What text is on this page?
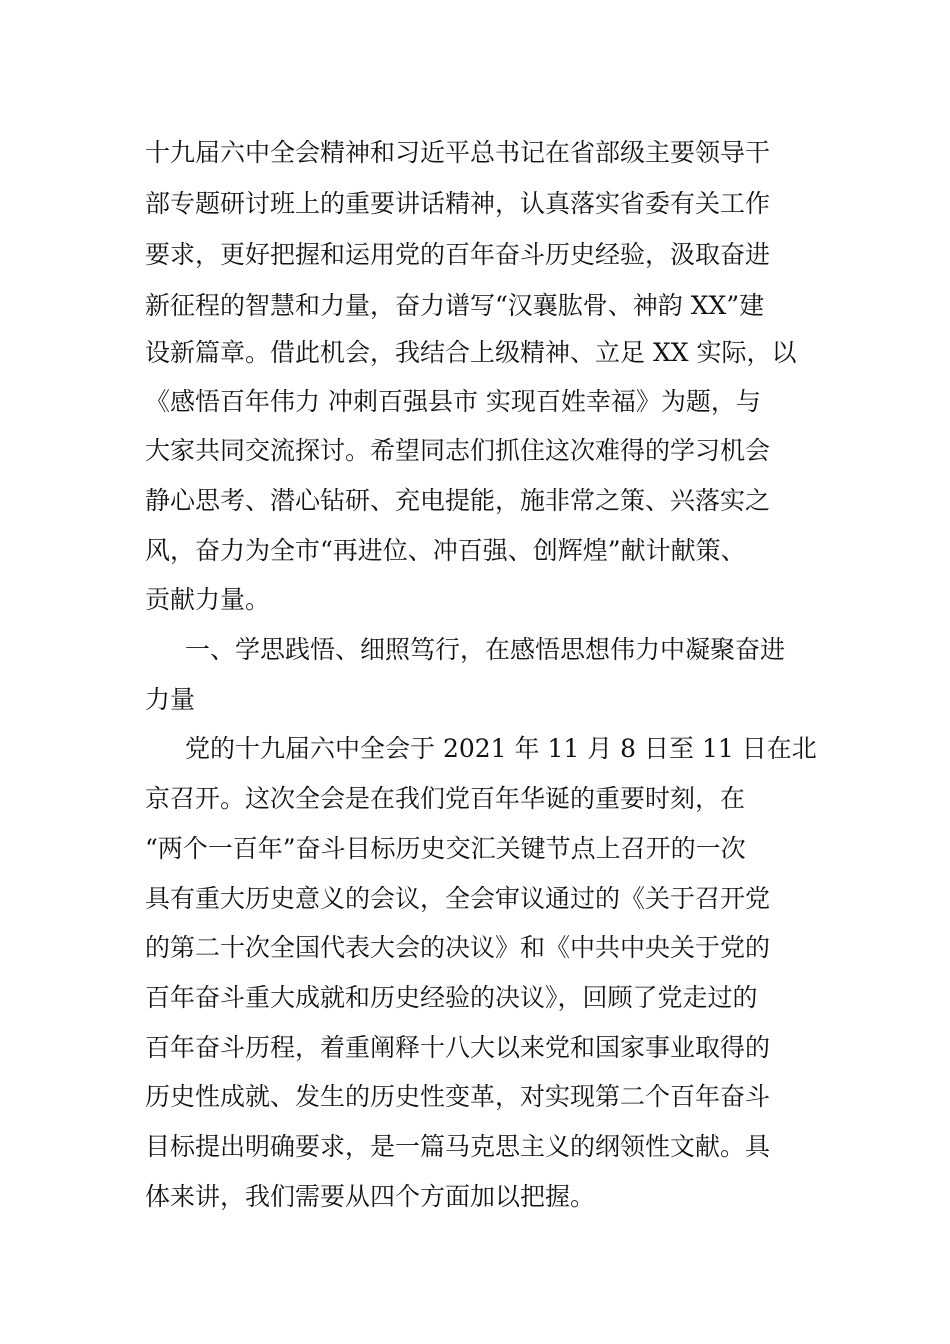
十九届六中全会精神和习近平总书记在省部级主要领导干
部专题研讨班上的重要讲话精神，认真落实省委有关工作
要求，更好把握和运用党的百年奋斗历史经验，汲取奋进
新征程的智慧和力量，奋力谱写“汉襄肱骨、神韵 XX”建
设新篇章。借此机会，我结合上级精神、立足 XX 实际，以
《感悟百年伟力 冲刺百强县市 实现百姓幸福》为题，与
大家共同交流探讨。希望同志们抓住这次难得的学习机会
静心思考、潜心钻研、充电提能，施非常之策、兴落实之
风，奋力为全市“再进位、冲百强、创辉煌”献计献策、
贡献力量。
一、学思践悟、细照笃行，在感悟思想伟力中凝聚奋进
力量
党的十九届六中全会于 2021 年 11 月 8 日至 11 日在北
京召开。这次全会是在我们党百年华诞的重要时刻，在
“两个一百年”奋斗目标历史交汇关键节点上召开的一次
具有重大历史意义的会议，全会审议通过的《关于召开党
的第二十次全国代表大会的决议》和《中共中央关于党的
百年奋斗重大成就和历史经验的决议》，回顾了党走过的
百年奋斗历程，着重阐释十八大以来党和国家事业取得的
历史性成就、发生的历史性变革，对实现第二个百年奋斗
目标提出明确要求，是一篇马克思主义的纲领性文献。具
体来讲，我们需要从四个方面加以把握。
